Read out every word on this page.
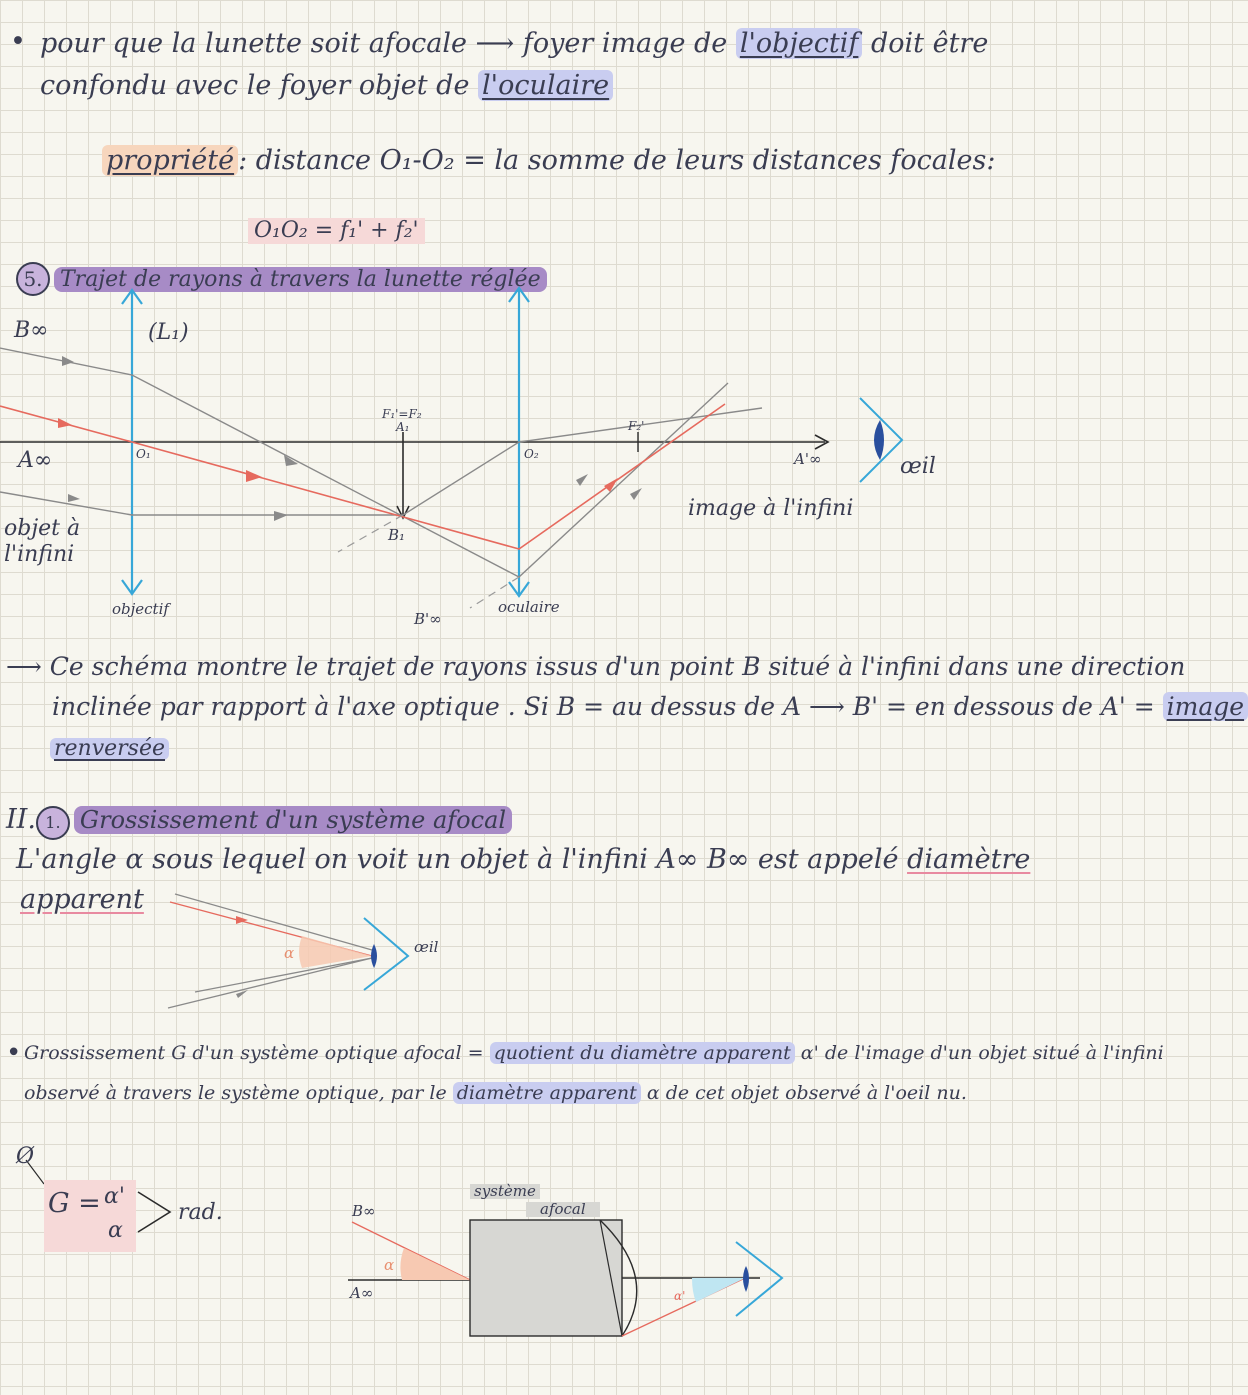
• pour que la lunette soit afocale ⟶ foyer image de l'objectif doit être
confondu avec le foyer objet de l'oculaire
propriété : distance O₁-O₂ = la somme de leurs distances focales:
O₁O₂ = f₁' + f₂'
5. Trajet de rayons à travers la lunette réglée
B∞	(L₁)
A∞	O₁	O₂
F₁'=F₂
A₁
B₁
F₂'
A'∞
B'∞
objet à
l'infini
objectif	oculaire
image à l'infini
œil
⟶ Ce schéma montre le trajet de rayons issus d'un point B situé à l'infini dans une direction
inclinée par rapport à l'axe optique . Si B = au dessus de A ⟶ B' = en dessous de A' = image
renversée
II. 1. Grossissement d'un système afocal
L'angle α sous lequel on voit un objet à l'infini A∞ B∞ est appelé diamètre
apparent
α	œil
• Grossissement G d'un système optique afocal = quotient du diamètre apparent α' de l'image d'un objet situé à l'infini
observé à travers le système optique, par le diamètre apparent α de cet objet observé à l'oeil nu.
Ø
G = α'
α
rad.	B∞
A∞
α
α'
système
afocal
